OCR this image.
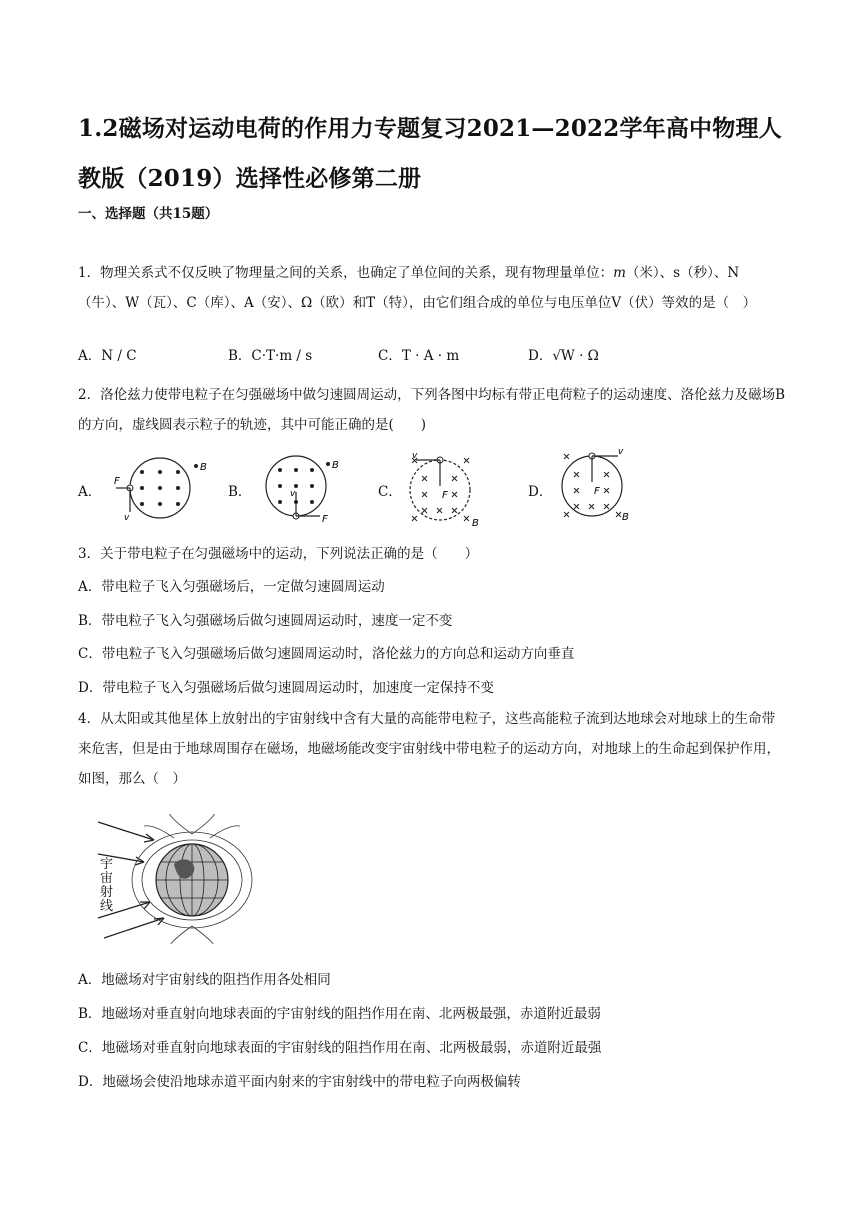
1.2磁场对运动电荷的作用力专题复习2021—2022学年高中物理人教版（2019）选择性必修第二册
一、选择题（共15题）
1．物理关系式不仅反映了物理量之间的关系，也确定了单位间的关系，现有物理量单位：m（米）、s（秒）、N（牛）、W（瓦）、C（库）、A（安）、Ω（欧）和T（特），由它们组合成的单位与电压单位V（伏）等效的是（　）
A．N / C	B．C·T·m / s	C．T · A · m	D．√W · Ω
2．洛伦兹力使带电粒子在匀强磁场中做匀速圆周运动，下列各图中均标有带正电荷粒子的运动速度、洛伦兹力及磁场B的方向，虚线圆表示粒子的轨迹，其中可能正确的是(　　)
A．	B．	C．	D．
F
v
B
v
F
B
v
F
B
v
F
B
3．关于带电粒子在匀强磁场中的运动，下列说法正确的是（　　）
A．带电粒子飞入匀强磁场后，一定做匀速圆周运动
B．带电粒子飞入匀强磁场后做匀速圆周运动时，速度一定不变
C．带电粒子飞入匀强磁场后做匀速圆周运动时，洛伦兹力的方向总和运动方向垂直
D．带电粒子飞入匀强磁场后做匀速圆周运动时，加速度一定保持不变
4．从太阳或其他星体上放射出的宇宙射线中含有大量的高能带电粒子，这些高能粒子流到达地球会对地球上的生命带来危害，但是由于地球周围存在磁场，地磁场能改变宇宙射线中带电粒子的运动方向，对地球上的生命起到保护作用，如图，那么（　）
宇
宙
射
线
A．地磁场对宇宙射线的阻挡作用各处相同
B．地磁场对垂直射向地球表面的宇宙射线的阻挡作用在南、北两极最强，赤道附近最弱
C．地磁场对垂直射向地球表面的宇宙射线的阻挡作用在南、北两极最弱，赤道附近最强
D．地磁场会使沿地球赤道平面内射来的宇宙射线中的带电粒子向两极偏转
